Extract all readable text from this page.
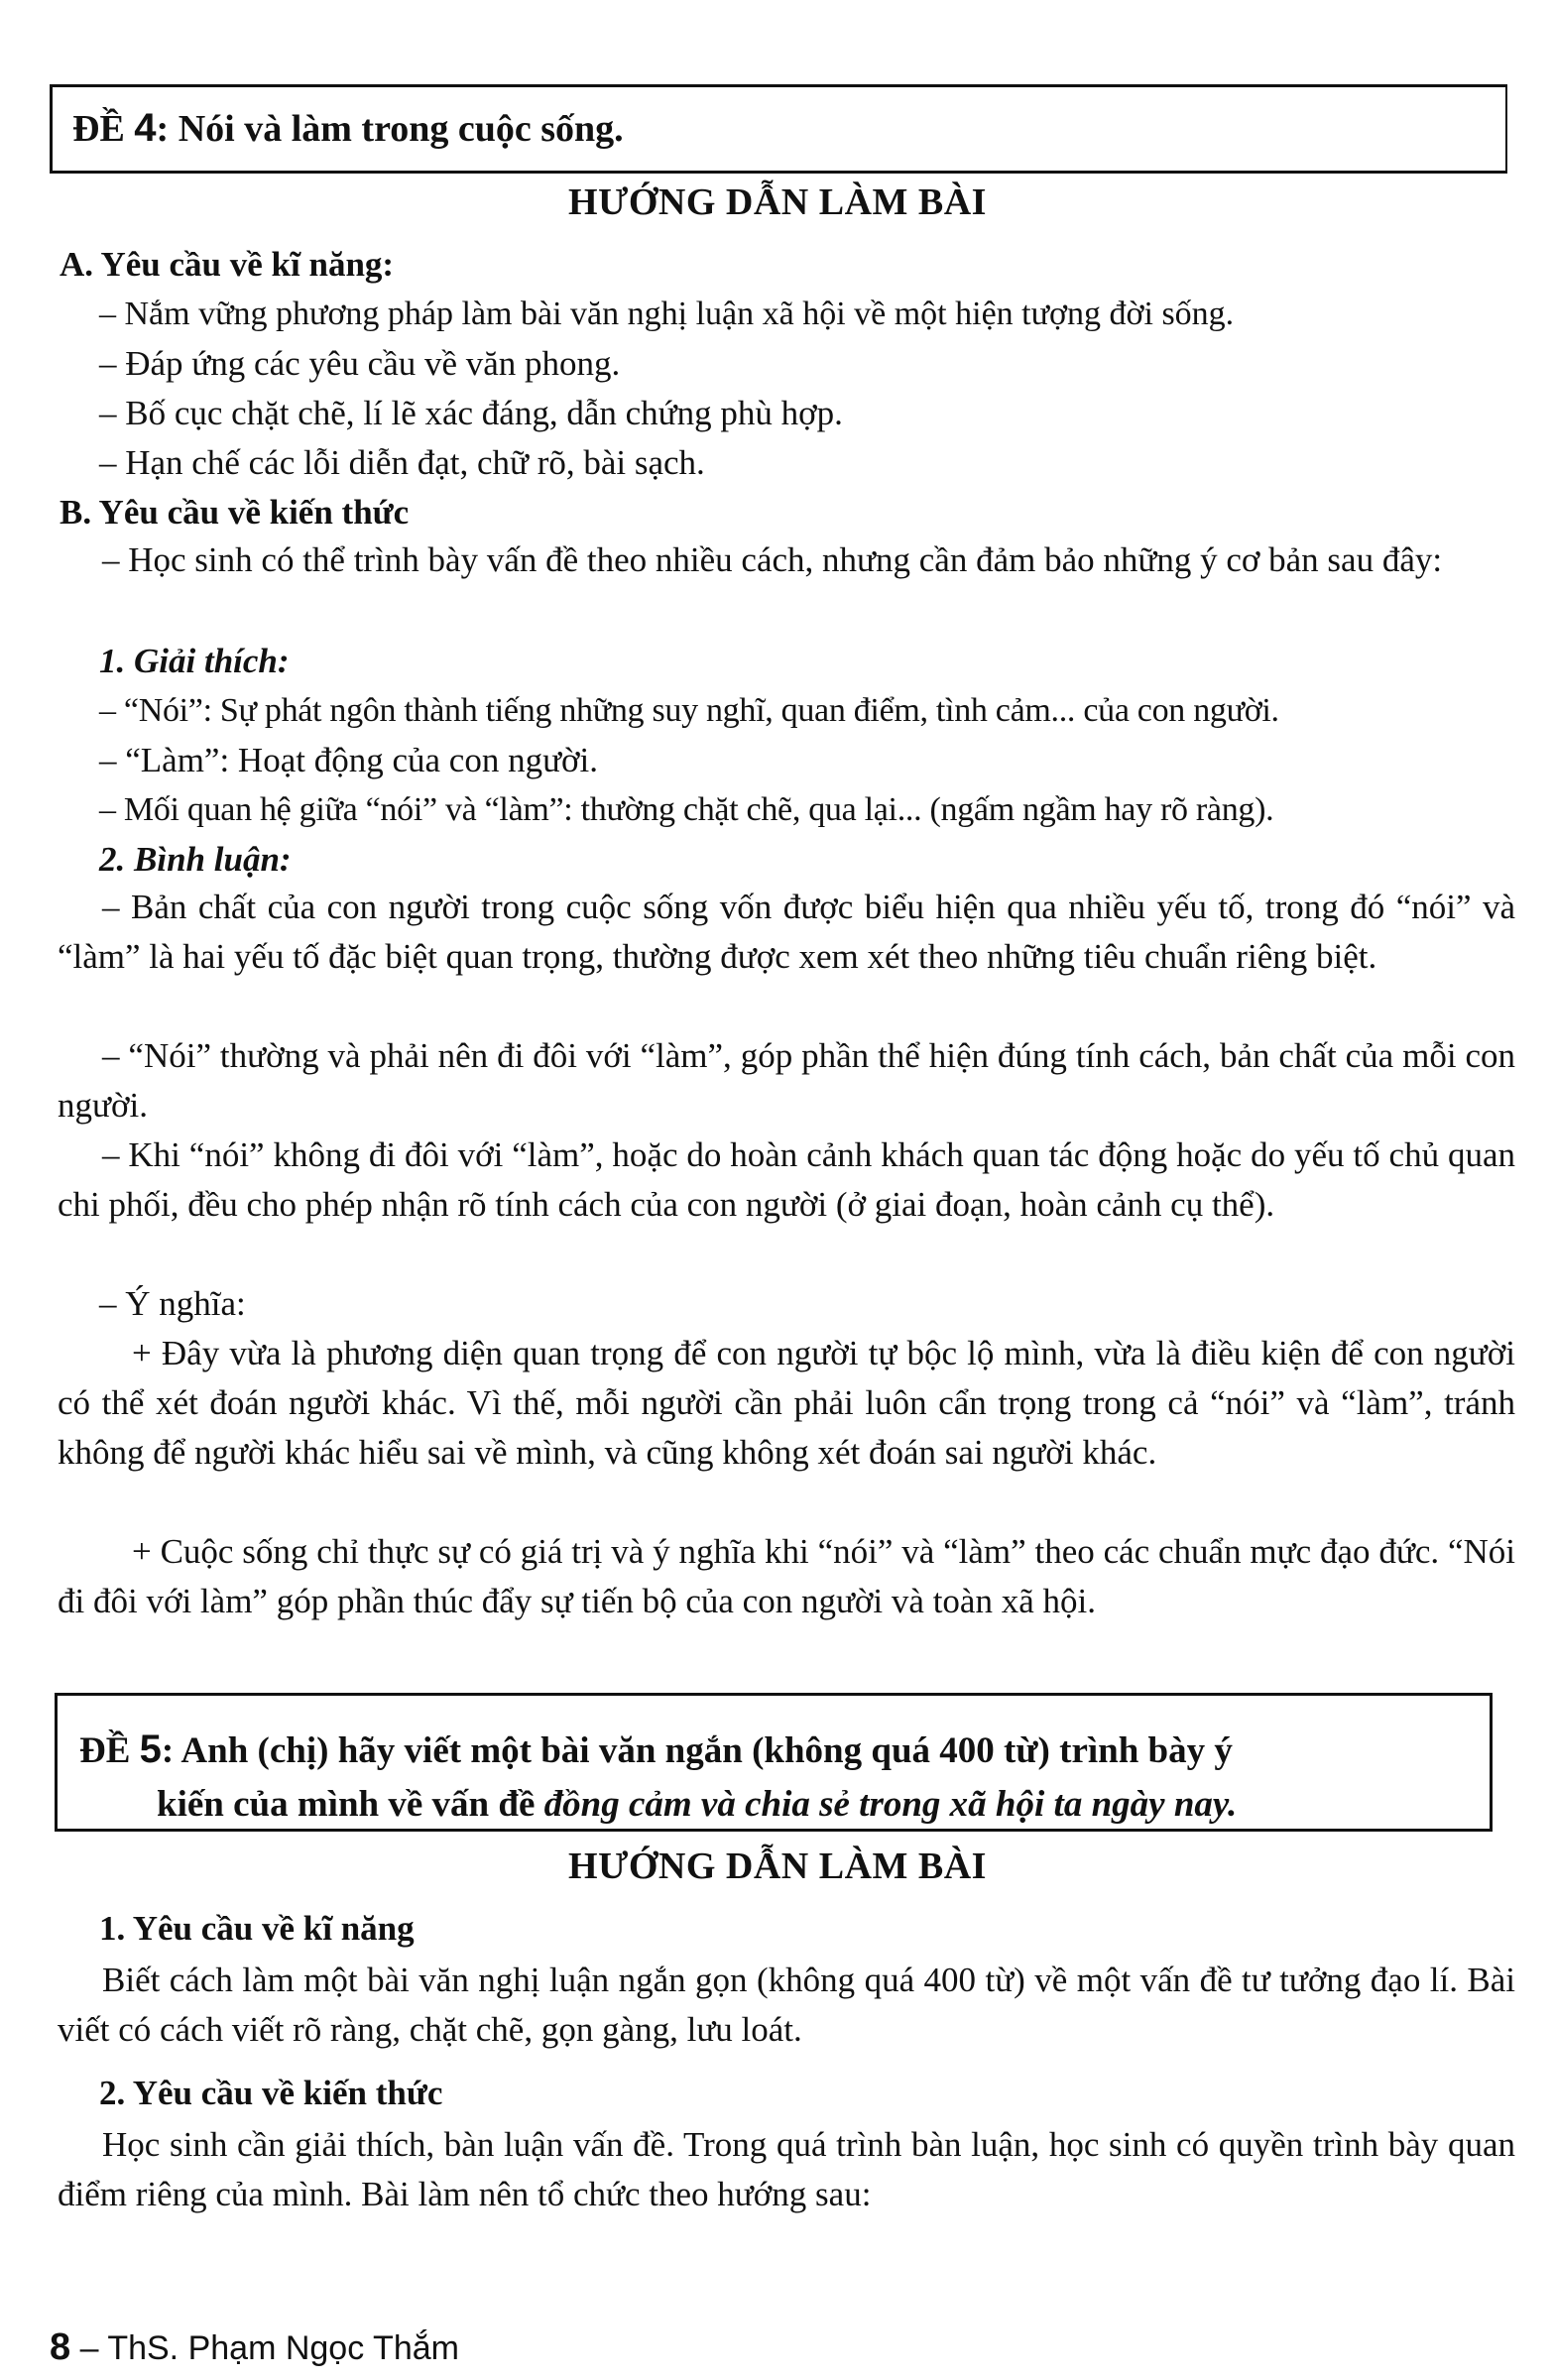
ĐỀ 4: Nói và làm trong cuộc sống.
HƯỚNG DẪN LÀM BÀI
A. Yêu cầu về kĩ năng:
– Nắm vững phương pháp làm bài văn nghị luận xã hội về một hiện tượng đời sống.
– Đáp ứng các yêu cầu về văn phong.
– Bố cục chặt chẽ, lí lẽ xác đáng, dẫn chứng phù hợp.
– Hạn chế các lỗi diễn đạt, chữ rõ, bài sạch.
B. Yêu cầu về kiến thức
– Học sinh có thể trình bày vấn đề theo nhiều cách, nhưng cần đảm bảo những ý cơ bản sau đây:
1. Giải thích:
– “Nói”: Sự phát ngôn thành tiếng những suy nghĩ, quan điểm, tình cảm... của con người.
– “Làm”: Hoạt động của con người.
– Mối quan hệ giữa “nói” và “làm”: thường chặt chẽ, qua lại... (ngấm ngầm hay rõ ràng).
2. Bình luận:
– Bản chất của con người trong cuộc sống vốn được biểu hiện qua nhiều yếu tố, trong đó “nói” và “làm” là hai yếu tố đặc biệt quan trọng, thường được xem xét theo những tiêu chuẩn riêng biệt.
– “Nói” thường và phải nên đi đôi với “làm”, góp phần thể hiện đúng tính cách, bản chất của mỗi con người.
– Khi “nói” không đi đôi với “làm”, hoặc do hoàn cảnh khách quan tác động hoặc do yếu tố chủ quan chi phối, đều cho phép nhận rõ tính cách của con người (ở giai đoạn, hoàn cảnh cụ thể).
– Ý nghĩa:
+ Đây vừa là phương diện quan trọng để con người tự bộc lộ mình, vừa là điều kiện để con người có thể xét đoán người khác. Vì thế, mỗi người cần phải luôn cẩn trọng trong cả “nói” và “làm”, tránh không để người khác hiểu sai về mình, và cũng không xét đoán sai người khác.
+ Cuộc sống chỉ thực sự có giá trị và ý nghĩa khi “nói” và “làm” theo các chuẩn mực đạo đức. “Nói đi đôi với làm” góp phần thúc đẩy sự tiến bộ của con người và toàn xã hội.
ĐỀ 5: Anh (chị) hãy viết một bài văn ngắn (không quá 400 từ) trình bày ý
kiến của mình về vấn đề đồng cảm và chia sẻ trong xã hội ta ngày nay.
HƯỚNG DẪN LÀM BÀI
1. Yêu cầu về kĩ năng
Biết cách làm một bài văn nghị luận ngắn gọn (không quá 400 từ) về một vấn đề tư tưởng đạo lí. Bài viết có cách viết rõ ràng, chặt chẽ, gọn gàng, lưu loát.
2. Yêu cầu về kiến thức
Học sinh cần giải thích, bàn luận vấn đề. Trong quá trình bàn luận, học sinh có quyền trình bày quan điểm riêng của mình. Bài làm nên tổ chức theo hướng sau:
8 – ThS. Phạm Ngọc Thắm
